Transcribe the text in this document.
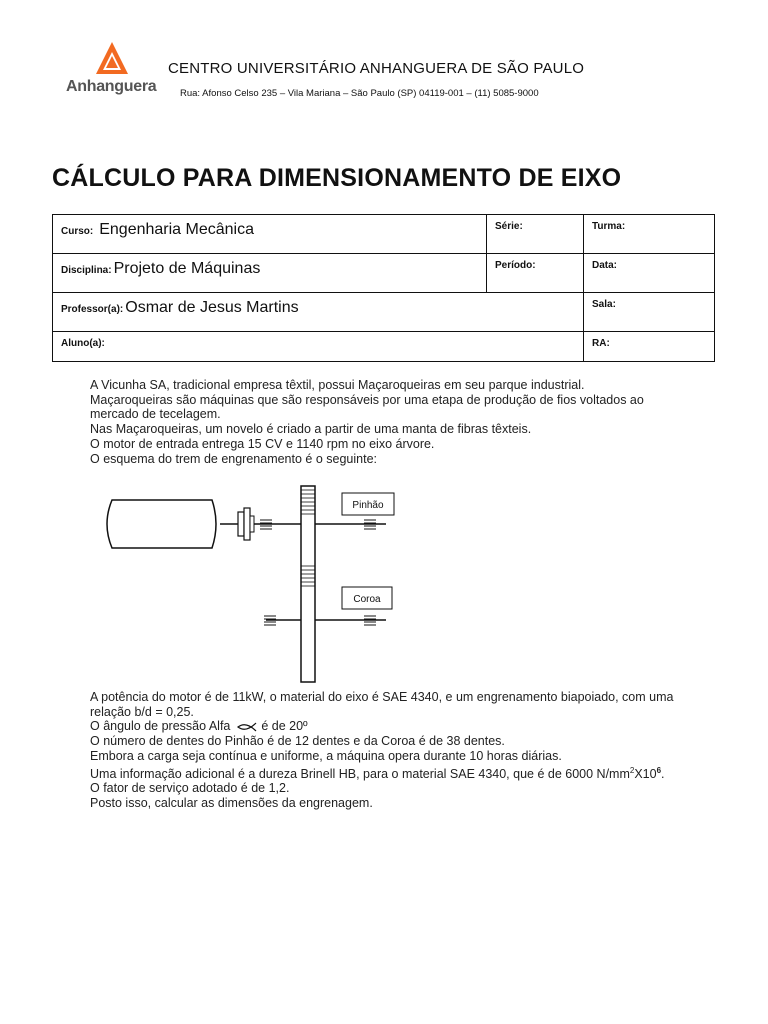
Anhanguera
CENTRO UNIVERSITÁRIO ANHANGUERA DE SÃO PAULO
Rua: Afonso Celso 235 – Vila Mariana – São Paulo (SP) 04119-001 – (11) 5085-9000
CÁLCULO PARA DIMENSIONAMENTO DE EIXO
Curso: Engenharia Mecânica	Série:	Turma:

Disciplina: Projeto de Máquinas	Período:	Data:

Professor(a): Osmar de Jesus Martins		Sala:

Aluno(a):		RA:
A Vicunha SA, tradicional empresa têxtil, possui Maçaroqueiras em seu parque industrial.
Maçaroqueiras são máquinas que são responsáveis por uma etapa de produção de fios voltados ao
mercado de tecelagem.
Nas Maçaroqueiras, um novelo é criado a partir de uma manta de fibras têxteis.
O motor de entrada entrega 15 CV e 1140 rpm no eixo árvore.
O esquema do trem de engrenamento é o seguinte:
Pinhão
Coroa
A potência do motor é de 11kW, o material do eixo é SAE 4340, e um engrenamento biapoiado, com uma
relação b/d = 0,25.
O ângulo de pressão Alfa é de 20º
O número de dentes do Pinhão é de 12 dentes e da Coroa é de 38 dentes.
Embora a carga seja contínua e uniforme, a máquina opera durante 10 horas diárias.
Uma informação adicional é a dureza Brinell HB, para o material SAE 4340, que é de 6000 $N/mm^2X10^6$.
O fator de serviço adotado é de 1,2.
Posto isso, calcular as dimensões da engrenagem.
